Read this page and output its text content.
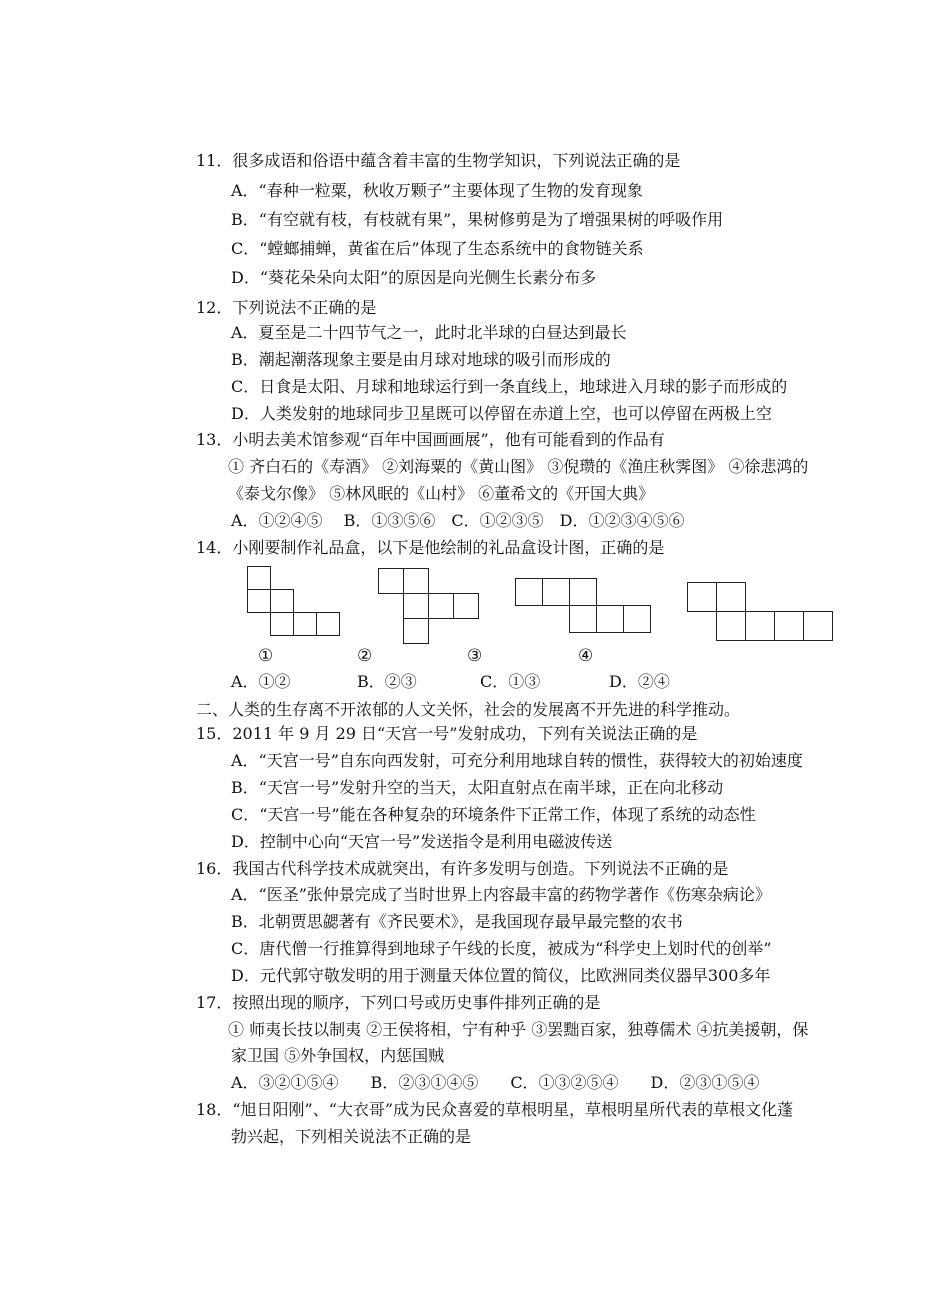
11．很多成语和俗语中蕴含着丰富的生物学知识，下列说法正确的是
A．“春种一粒粟，秋收万颗子”主要体现了生物的发育现象
B．“有空就有枝，有枝就有果”，果树修剪是为了增强果树的呼吸作用
C．“螳螂捕蝉，黄雀在后”体现了生态系统中的食物链关系
D．“葵花朵朵向太阳”的原因是向光侧生长素分布多
12．下列说法不正确的是
A．夏至是二十四节气之一，此时北半球的白昼达到最长
B．潮起潮落现象主要是由月球对地球的吸引而形成的
C．日食是太阳、月球和地球运行到一条直线上，地球进入月球的影子而形成的
D．人类发射的地球同步卫星既可以停留在赤道上空，也可以停留在两极上空
13．小明去美术馆参观“百年中国画画展”，他有可能看到的作品有
① 齐白石的《寿酒》 ②刘海粟的《黄山图》 ③倪瓒的《渔庄秋霁图》 ④徐悲鸿的
《泰戈尔像》 ⑤林风眠的《山村》 ⑥董希文的《开国大典》
A．①②④⑤　 B．①③⑤⑥　C．①②③⑤　D．①②③④⑤⑥
14．小刚要制作礼品盒，以下是他绘制的礼品盒设计图，正确的是
①	②	③	④
A．①②	B．②③	C．①③	D．②④
二、人类的生存离不开浓郁的人文关怀，社会的发展离不开先进的科学推动。
15．2011 年 9 月 29 日“天宫一号”发射成功，下列有关说法正确的是
A．“天宫一号”自东向西发射，可充分利用地球自转的惯性，获得较大的初始速度
B．“天宫一号”发射升空的当天，太阳直射点在南半球，正在向北移动
C．“天宫一号”能在各种复杂的环境条件下正常工作，体现了系统的动态性
D．控制中心向“天宫一号”发送指令是利用电磁波传送
16．我国古代科学技术成就突出，有许多发明与创造。下列说法不正确的是
A．“医圣”张仲景完成了当时世界上内容最丰富的药物学著作《伤寒杂病论》
B．北朝贾思勰著有《齐民要术》，是我国现存最早最完整的农书
C．唐代僧一行推算得到地球子午线的长度，被成为“科学史上划时代的创举”
D．元代郭守敬发明的用于测量天体位置的简仪，比欧洲同类仪器早300多年
17．按照出现的顺序，下列口号或历史事件排列正确的是
① 师夷长技以制夷 ②王侯将相，宁有种乎 ③罢黜百家，独尊儒术 ④抗美援朝，保
家卫国 ⑤外争国权，内惩国贼
A．③②①⑤④　　B．②③①④⑤　　C．①③②⑤④　　D．②③①⑤④
18．“旭日阳刚”、“大衣哥”成为民众喜爱的草根明星，草根明星所代表的草根文化蓬
勃兴起，下列相关说法不正确的是
